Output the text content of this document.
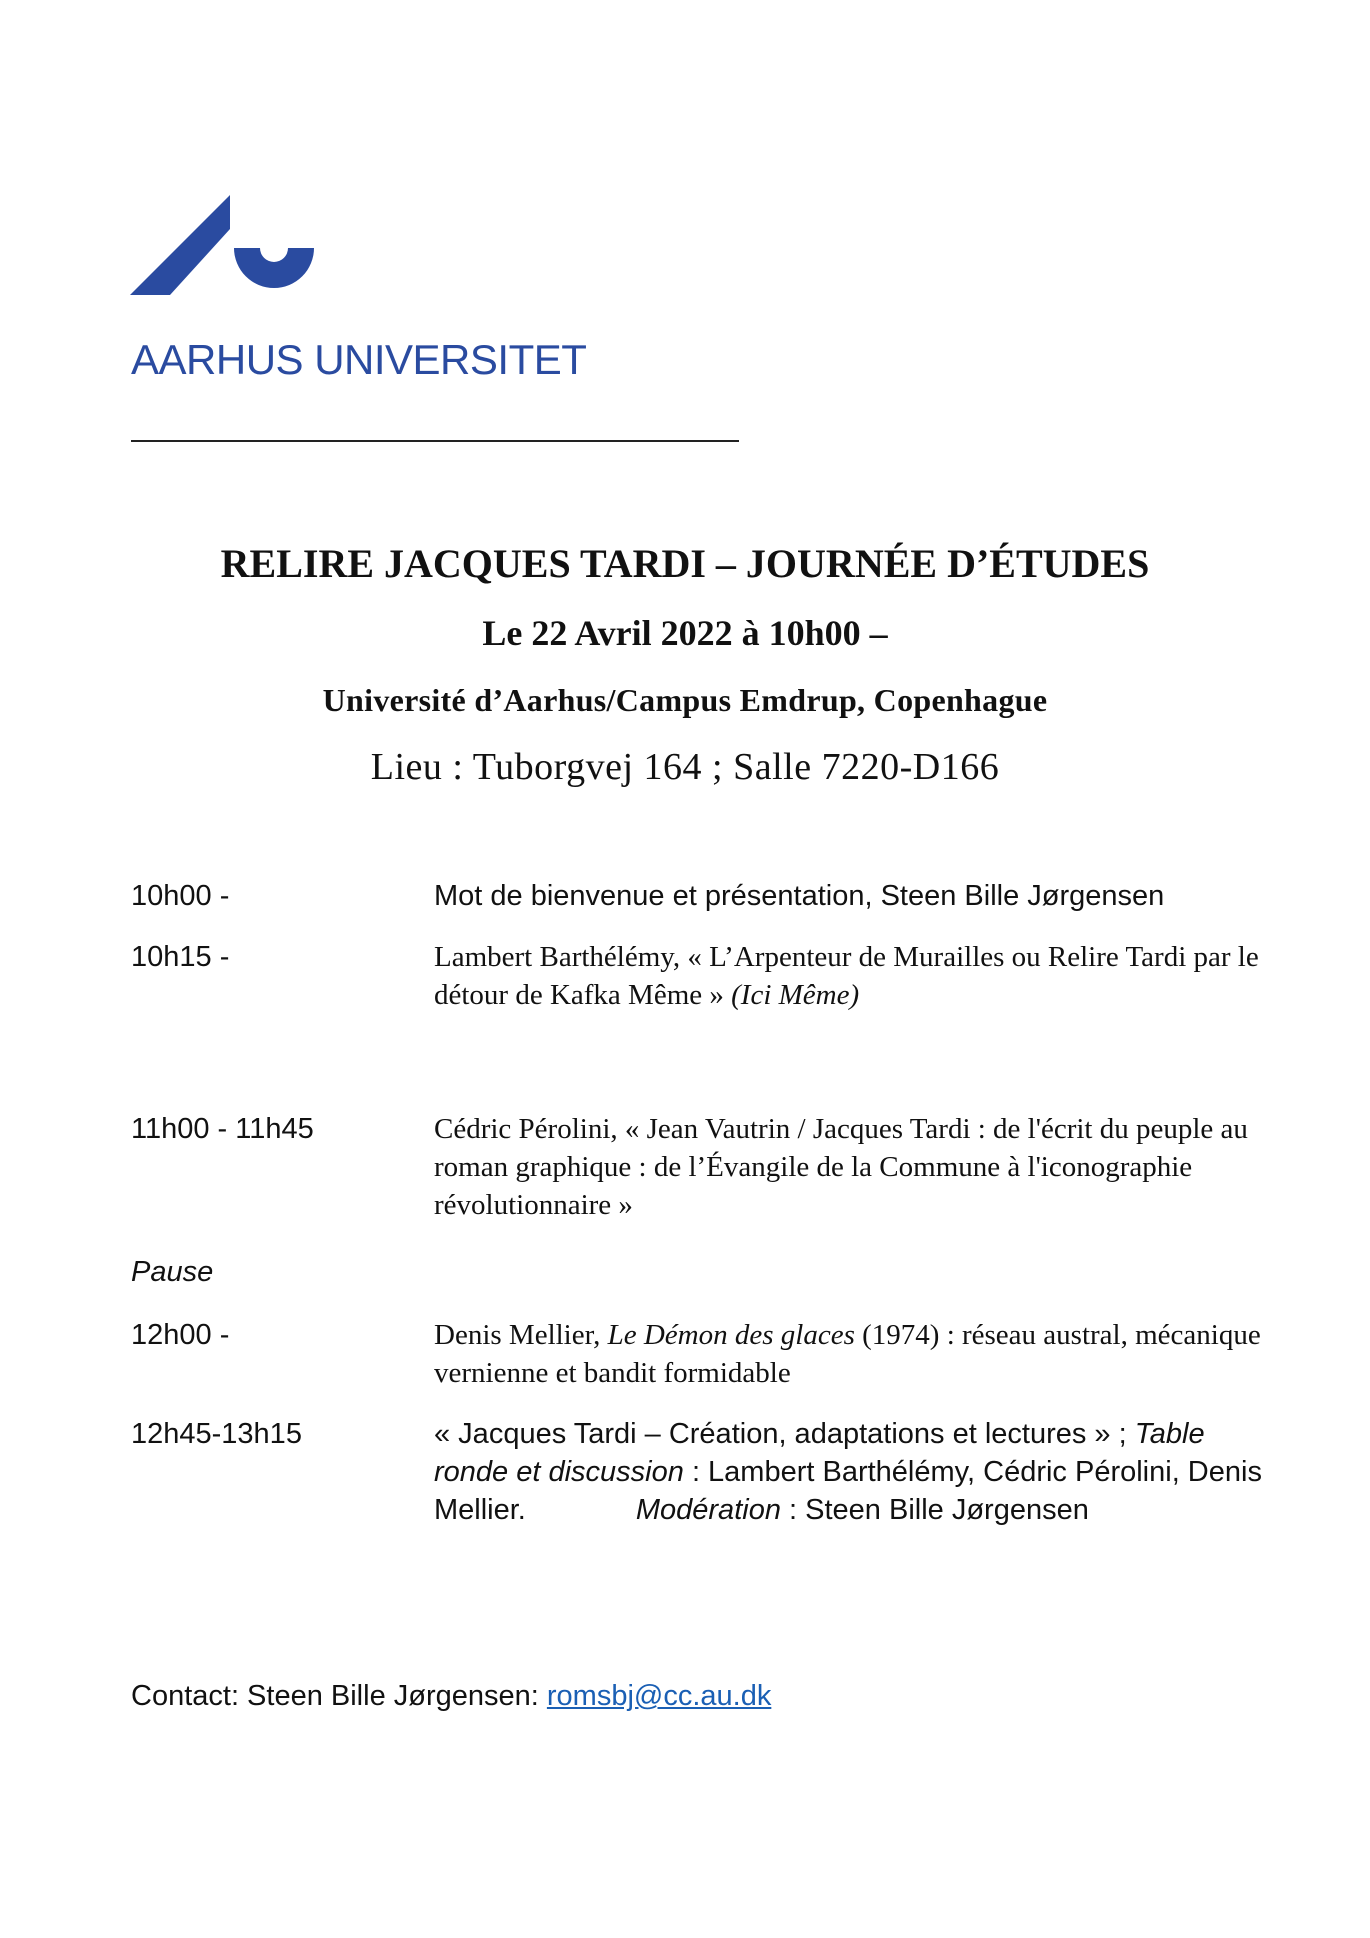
AARHUS UNIVERSITET

RELIRE JACQUES TARDI – JOURNÉE D’ÉTUDES
Le 22 Avril 2022 à 10h00 –
Université d’Aarhus/Campus Emdrup, Copenhague
Lieu : Tuborgvej 164 ; Salle 7220-D166
10h00 -	Mot de bienvenue et présentation, Steen Bille Jørgensen
10h15 -	Lambert Barthélémy, « L’Arpenteur de Murailles ou Relire Tardi par le détour de Kafka Même » (Ici Même)
11h00 - 11h45	Cédric Pérolini, « Jean Vautrin / Jacques Tardi : de l'écrit du peuple au roman graphique : de l’Évangile de la Commune à l'iconographie révolutionnaire »
Pause
12h00 -	Denis Mellier, Le Démon des glaces (1974) : réseau austral, mécanique vernienne et bandit formidable
12h45-13h15	« Jacques Tardi – Création, adaptations et lectures » ; Table ronde et discussion : Lambert Barthélémy, Cédric Pérolini, Denis Mellier.	Modération : Steen Bille Jørgensen
Contact: Steen Bille Jørgensen: romsbj@cc.au.dk
